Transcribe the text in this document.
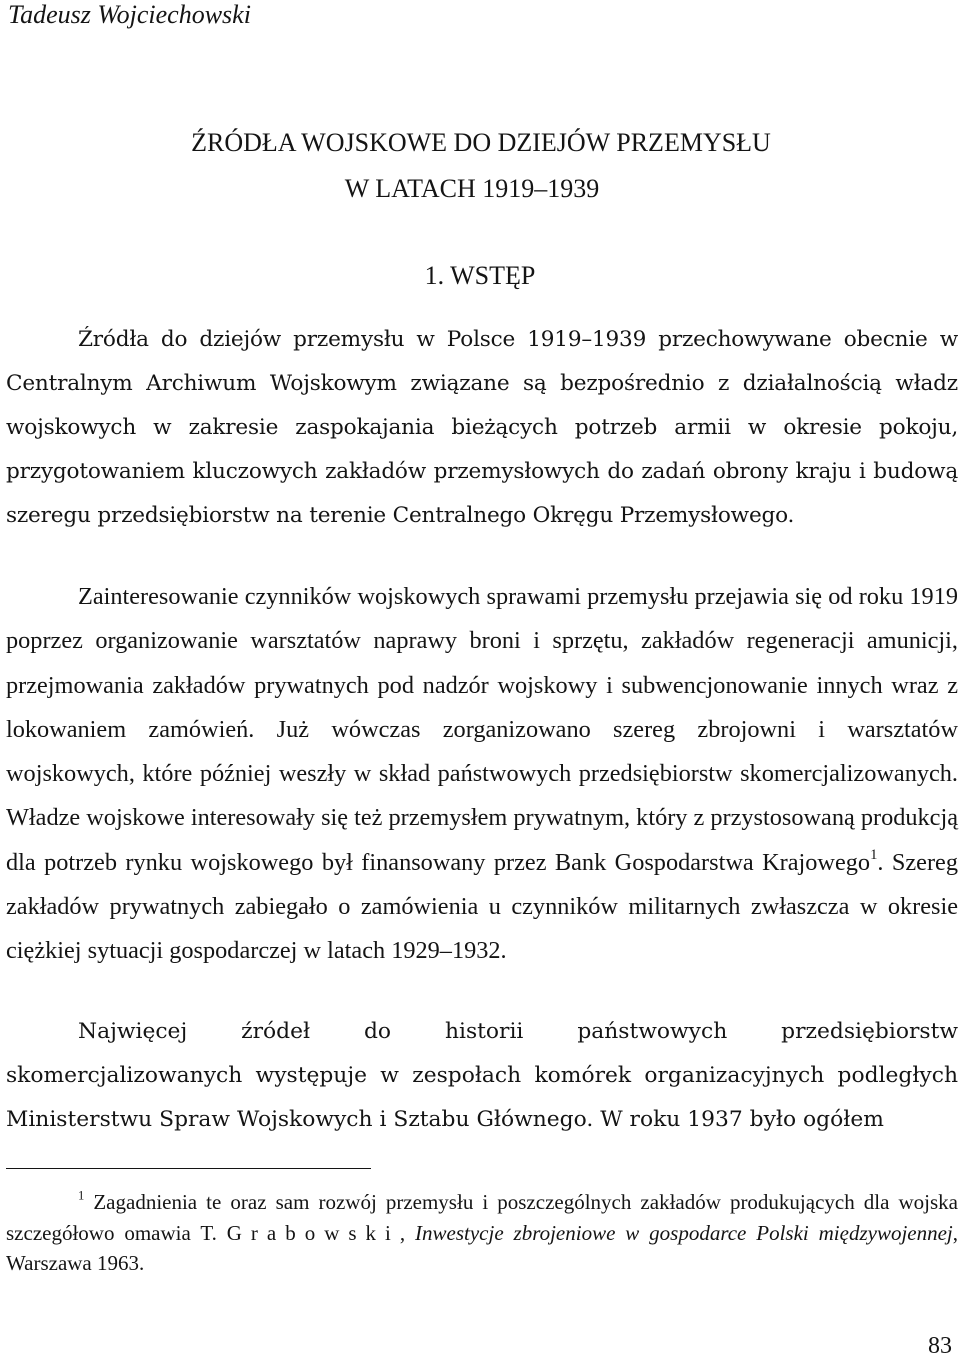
Tadeusz Wojciechowski

ŹRÓDŁA WOJSKOWE DO DZIEJÓW PRZEMYSŁU
W LATACH 1919–1939
1. WSTĘP

Źródła do dziejów przemysłu w Polsce 1919–1939 przechowywane obecnie w Centralnym Archiwum Wojskowym związane są bezpośrednio z działalnością władz wojskowych w zakresie zaspokajania bieżących potrzeb armii w okresie pokoju, przygotowaniem kluczowych zakładów przemysłowych do zadań obrony kraju i budową szeregu przedsiębiorstw na terenie Centralnego Okręgu Przemysłowego.

Zainteresowanie czynników wojskowych sprawami przemysłu przejawia się od roku 1919 poprzez organizowanie warsztatów naprawy broni i sprzętu, zakładów regeneracji amunicji, przejmowania zakładów prywatnych pod nadzór wojskowy i subwencjonowanie innych wraz z lokowaniem zamówień. Już wówczas zorganizowano szereg zbrojowni i warsztatów wojskowych, które później weszły w skład państwowych przedsiębiorstw skomercjalizowanych. Władze wojskowe interesowały się też przemysłem prywatnym, który z przystosowaną produkcją dla potrzeb rynku wojskowego był finansowany przez Bank Gospodarstwa Krajowego$^1$. Szereg zakładów prywatnych zabiegało o zamówienia u czynników militarnych zwłaszcza w okresie ciężkiej sytuacji gospodarczej w latach 1929–1932.

Najwięcej źródeł do historii państwowych przedsiębiorstw skomercjalizowanych występuje w zespołach komórek organizacyjnych podległych Ministerstwu Spraw Wojskowych i Sztabu Głównego. W roku 1937 było ogółem

$^1$ Zagadnienia te oraz sam rozwój przemysłu i poszczególnych zakładów produkujących dla wojska szczegółowo omawia T. Grabowski, Inwestycje zbrojeniowe w gospodarce Polski międzywojennej, Warszawa 1963.

83
